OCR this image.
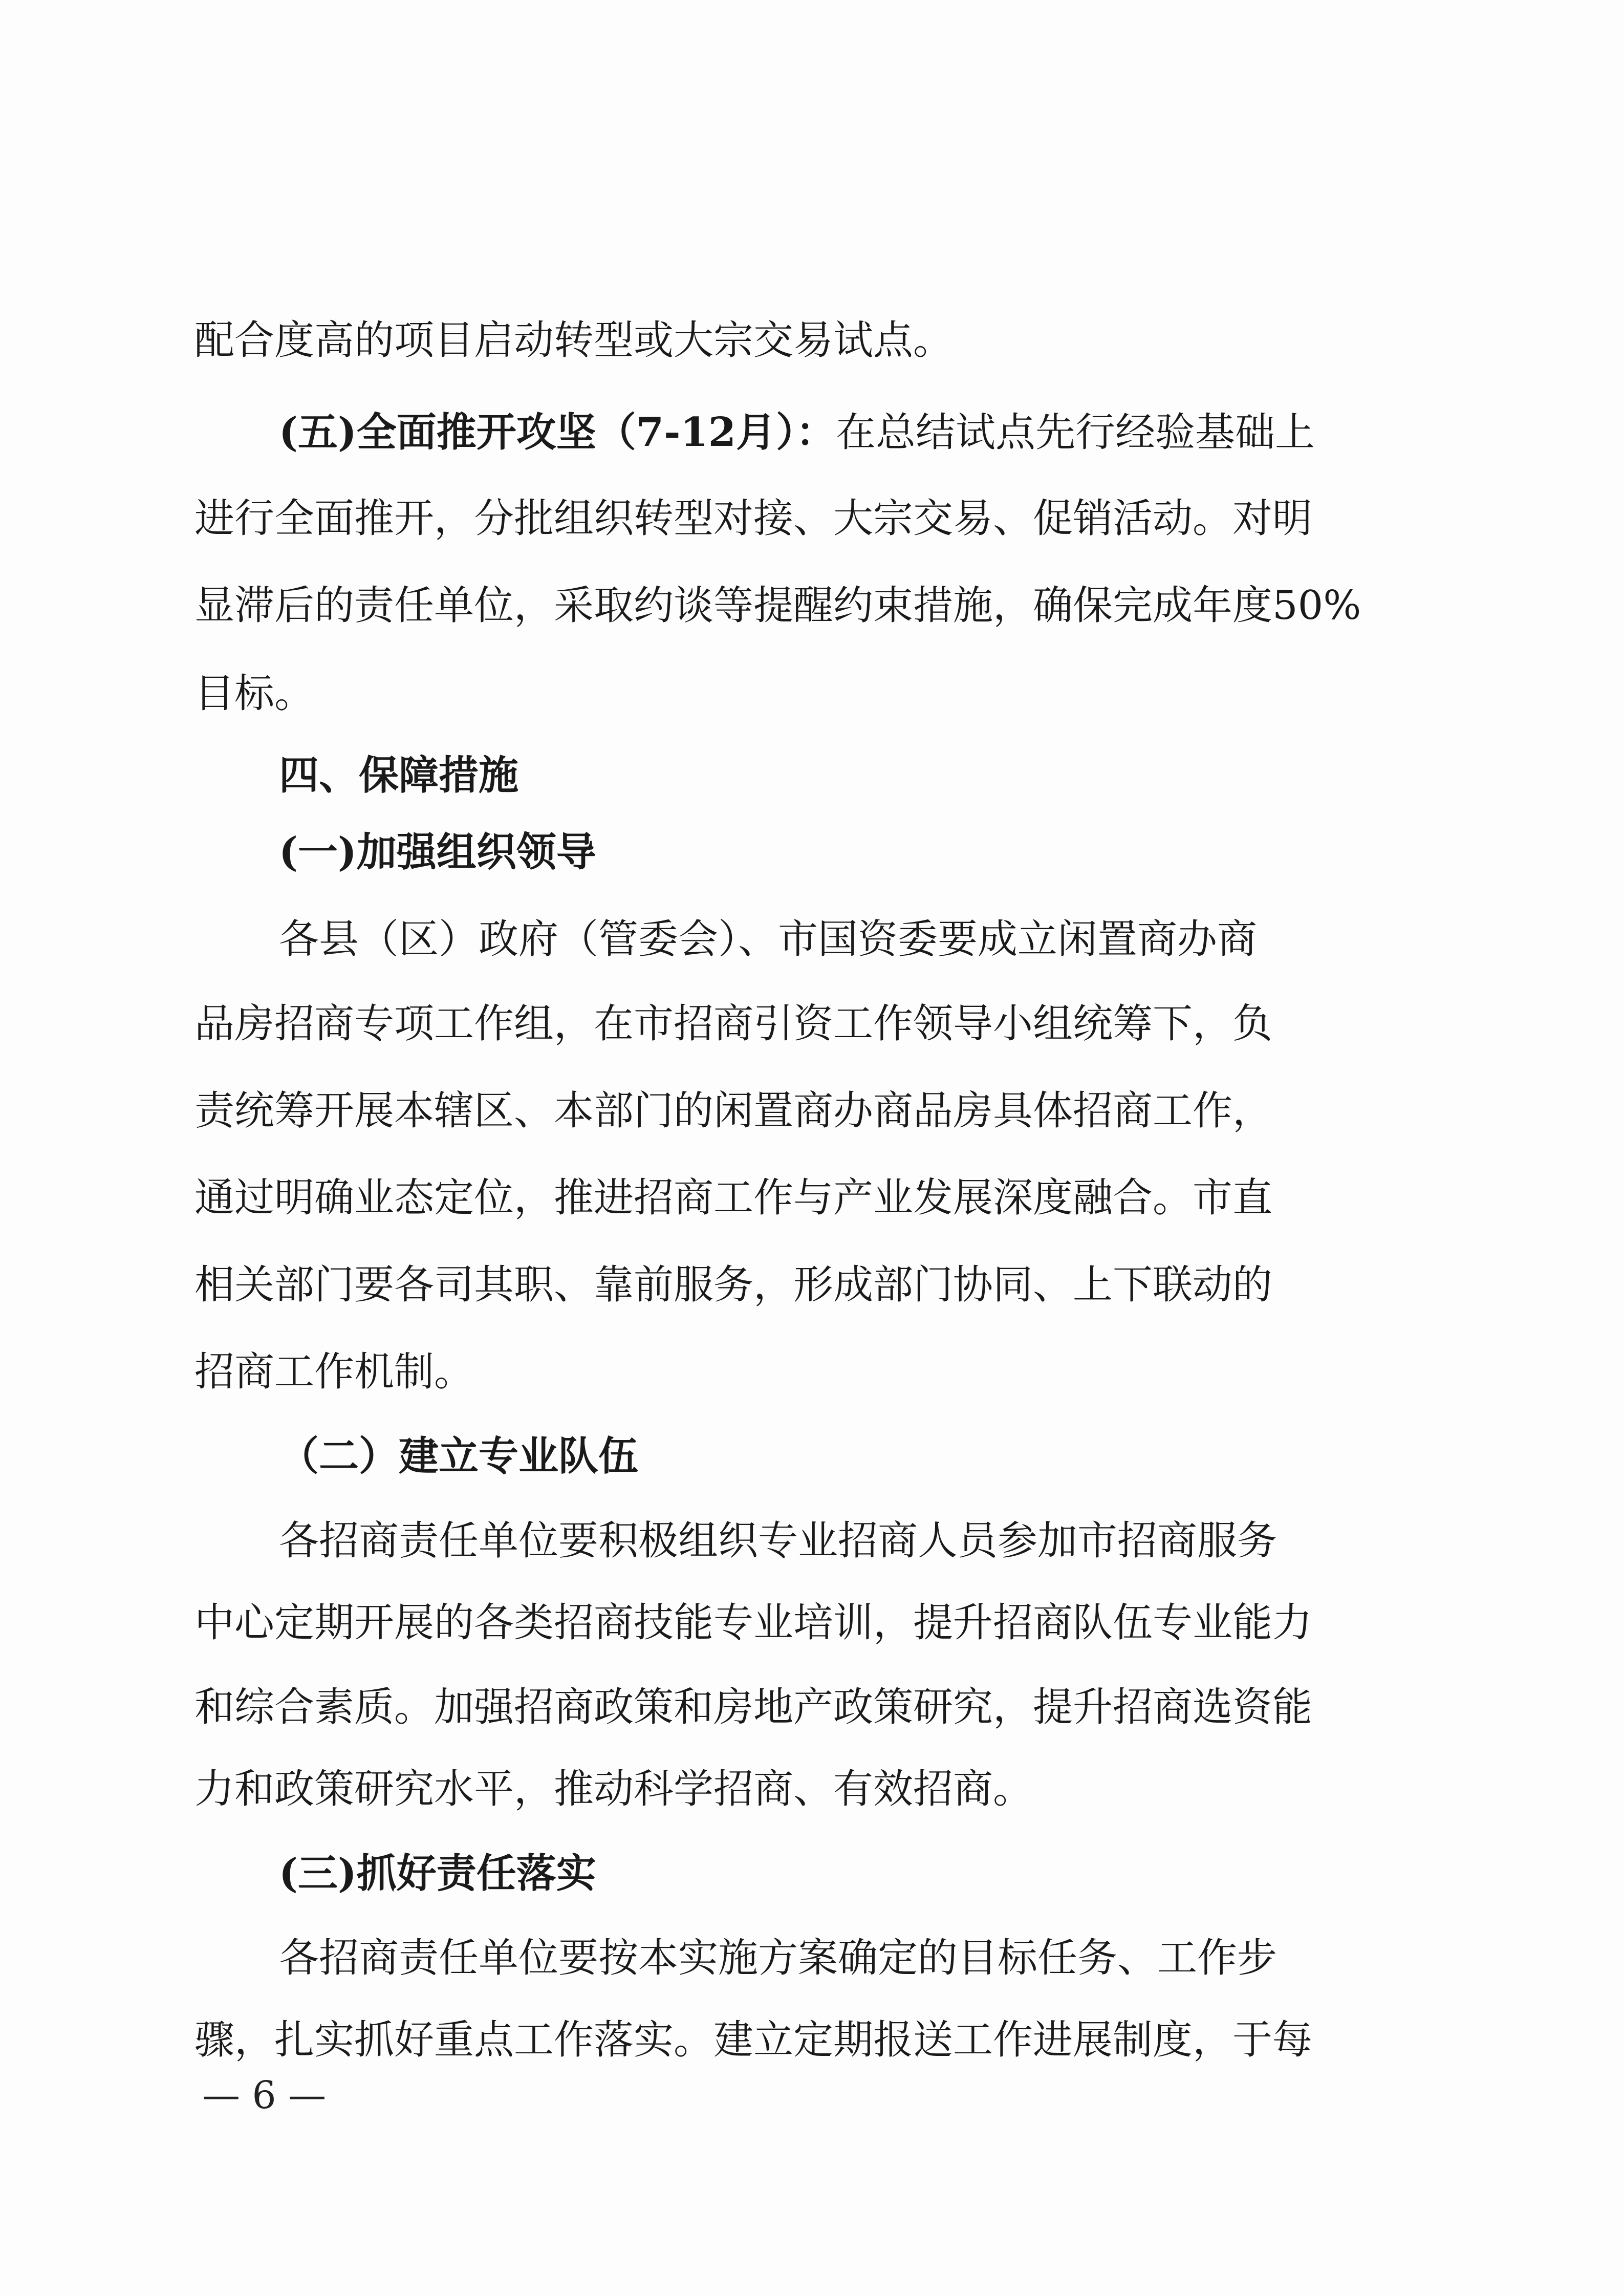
配合度高的项目启动转型或大宗交易试点。
(五)全面推开攻坚（7-12月）：在总结试点先行经验基础上
进行全面推开，分批组织转型对接、大宗交易、促销活动。对明
显滞后的责任单位，采取约谈等提醒约束措施，确保完成年度50%
目标。
四、保障措施
(一)加强组织领导
各县（区）政府（管委会）、市国资委要成立闲置商办商
品房招商专项工作组，在市招商引资工作领导小组统筹下，负
责统筹开展本辖区、本部门的闲置商办商品房具体招商工作，
通过明确业态定位，推进招商工作与产业发展深度融合。市直
相关部门要各司其职、靠前服务，形成部门协同、上下联动的
招商工作机制。
（二）建立专业队伍
各招商责任单位要积极组织专业招商人员参加市招商服务
中心定期开展的各类招商技能专业培训，提升招商队伍专业能力
和综合素质。加强招商政策和房地产政策研究，提升招商选资能
力和政策研究水平，推动科学招商、有效招商。
(三)抓好责任落实
各招商责任单位要按本实施方案确定的目标任务、工作步
骤，扎实抓好重点工作落实。建立定期报送工作进展制度，于每
— 6 —
